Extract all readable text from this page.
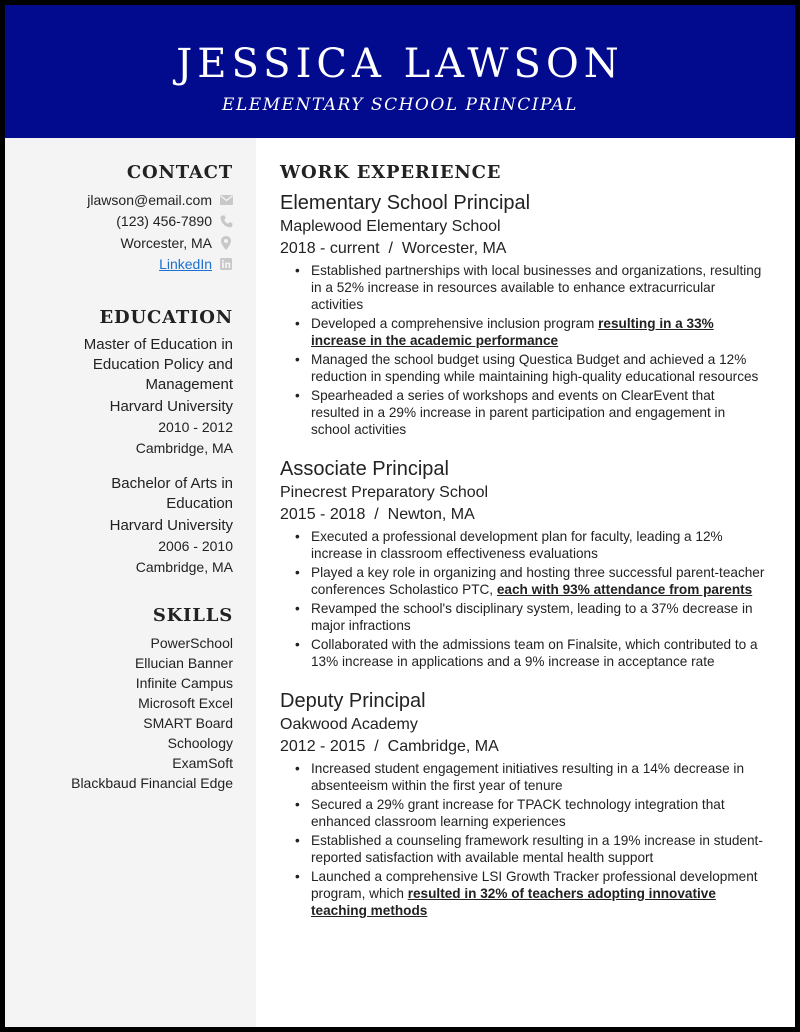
JESSICA LAWSON
ELEMENTARY SCHOOL PRINCIPAL
CONTACT
jlawson@email.com
(123) 456-7890
Worcester, MA
LinkedIn
EDUCATION
Master of Education in Education Policy and Management
Harvard University
2010 - 2012
Cambridge, MA
Bachelor of Arts in Education
Harvard University
2006 - 2010
Cambridge, MA
SKILLS
PowerSchool
Ellucian Banner
Infinite Campus
Microsoft Excel
SMART Board
Schoology
ExamSoft
Blackbaud Financial Edge
WORK EXPERIENCE
Elementary School Principal
Maplewood Elementary School
2018 - current / Worcester, MA
• Established partnerships with local businesses and organizations, resulting in a 52% increase in resources available to enhance extracurricular activities
• Developed a comprehensive inclusion program resulting in a 33% increase in the academic performance
• Managed the school budget using Questica Budget and achieved a 12% reduction in spending while maintaining high-quality educational resources
• Spearheaded a series of workshops and events on ClearEvent that resulted in a 29% increase in parent participation and engagement in school activities
Associate Principal
Pinecrest Preparatory School
2015 - 2018 / Newton, MA
• Executed a professional development plan for faculty, leading a 12% increase in classroom effectiveness evaluations
• Played a key role in organizing and hosting three successful parent-teacher conferences Scholastico PTC, each with 93% attendance from parents
• Revamped the school's disciplinary system, leading to a 37% decrease in major infractions
• Collaborated with the admissions team on Finalsite, which contributed to a 13% increase in applications and a 9% increase in acceptance rate
Deputy Principal
Oakwood Academy
2012 - 2015 / Cambridge, MA
• Increased student engagement initiatives resulting in a 14% decrease in absenteeism within the first year of tenure
• Secured a 29% grant increase for TPACK technology integration that enhanced classroom learning experiences
• Established a counseling framework resulting in a 19% increase in student-reported satisfaction with available mental health support
• Launched a comprehensive LSI Growth Tracker professional development program, which resulted in 32% of teachers adopting innovative teaching methods
